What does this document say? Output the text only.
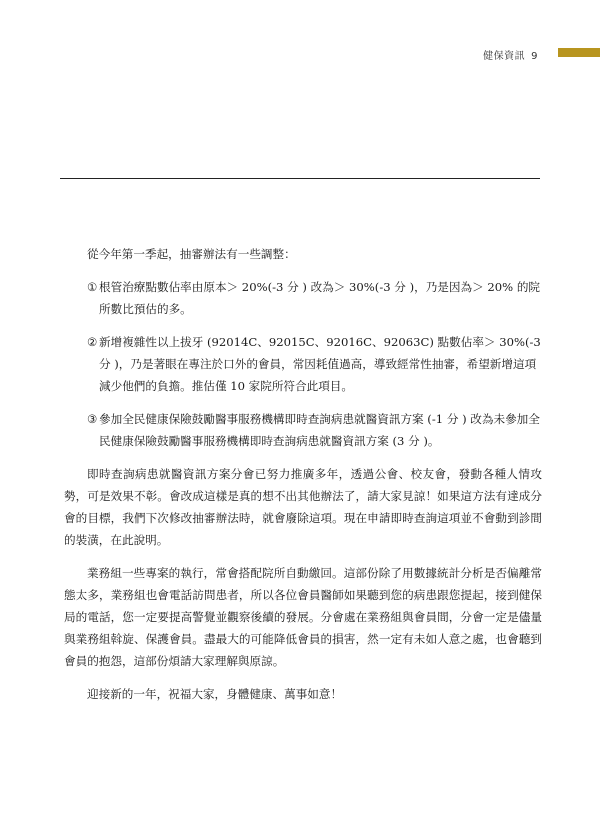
健保資訊 9

從今年第一季起，抽審辦法有一些調整：

① 根管治療點數佔率由原本＞ 20%(-3 分 ) 改為＞ 30%(-3 分 )，乃是因為＞ 20% 的院所數比預估的多。
② 新增複雜性以上拔牙 (92014C、92015C、92016C、92063C) 點數佔率＞ 30%(-3 分 )，乃是著眼在專注於口外的會員，常因耗值過高，導致經常性抽審，希望新增這項減少他們的負擔。推估僅 10 家院所符合此項目。
③ 參加全民健康保險鼓勵醫事服務機構即時查詢病患就醫資訊方案 (-1 分 ) 改為未參加全民健康保險鼓勵醫事服務機構即時查詢病患就醫資訊方案 (3 分 )。

即時查詢病患就醫資訊方案分會已努力推廣多年，透過公會、校友會，發動各種人情攻勢，可是效果不彰。會改成這樣是真的想不出其他辦法了，請大家見諒！如果這方法有達成分會的目標，我們下次修改抽審辦法時，就會廢除這項。現在申請即時查詢這項並不會動到診間的裝潢，在此說明。

業務組一些專案的執行，常會搭配院所自動繳回。這部份除了用數據統計分析是否偏離常態太多，業務組也會電話訪問患者，所以各位會員醫師如果聽到您的病患跟您提起，接到健保局的電話，您一定要提高警覺並觀察後續的發展。分會處在業務組與會員間，分會一定是儘量與業務組斡旋、保護會員。盡最大的可能降低會員的損害，然一定有未如人意之處，也會聽到會員的抱怨，這部份煩請大家理解與原諒。

迎接新的一年，祝福大家，身體健康、萬事如意！
